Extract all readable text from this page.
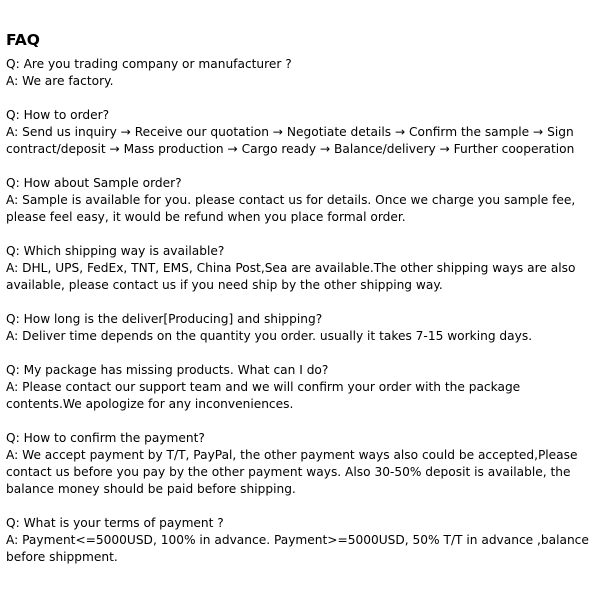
FAQ
Q: Are you trading company or manufacturer ?
A: We are factory.
Q: How to order?
A: Send us inquiry → Receive our quotation → Negotiate details → Confirm the sample → Sign contract/deposit → Mass production → Cargo ready → Balance/delivery → Further cooperation
Q: How about Sample order?
A: Sample is available for you. please contact us for details. Once we charge you sample fee, please feel easy, it would be refund when you place formal order.
Q: Which shipping way is available?
A: DHL, UPS, FedEx, TNT, EMS, China Post,Sea are available.The other shipping ways are also available, please contact us if you need ship by the other shipping way.
Q: How long is the deliver[Producing] and shipping?
A: Deliver time depends on the quantity you order. usually it takes 7-15 working days.
Q: My package has missing products. What can I do?
A: Please contact our support team and we will confirm your order with the package contents.We apologize for any inconveniences.
Q: How to confirm the payment?
A: We accept payment by T/T, PayPal, the other payment ways also could be accepted,Please contact us before you pay by the other payment ways. Also 30-50% deposit is available, the balance money should be paid before shipping.
Q: What is your terms of payment ?
A: Payment<=5000USD, 100% in advance. Payment>=5000USD, 50% T/T in advance ,balance before shippment.
